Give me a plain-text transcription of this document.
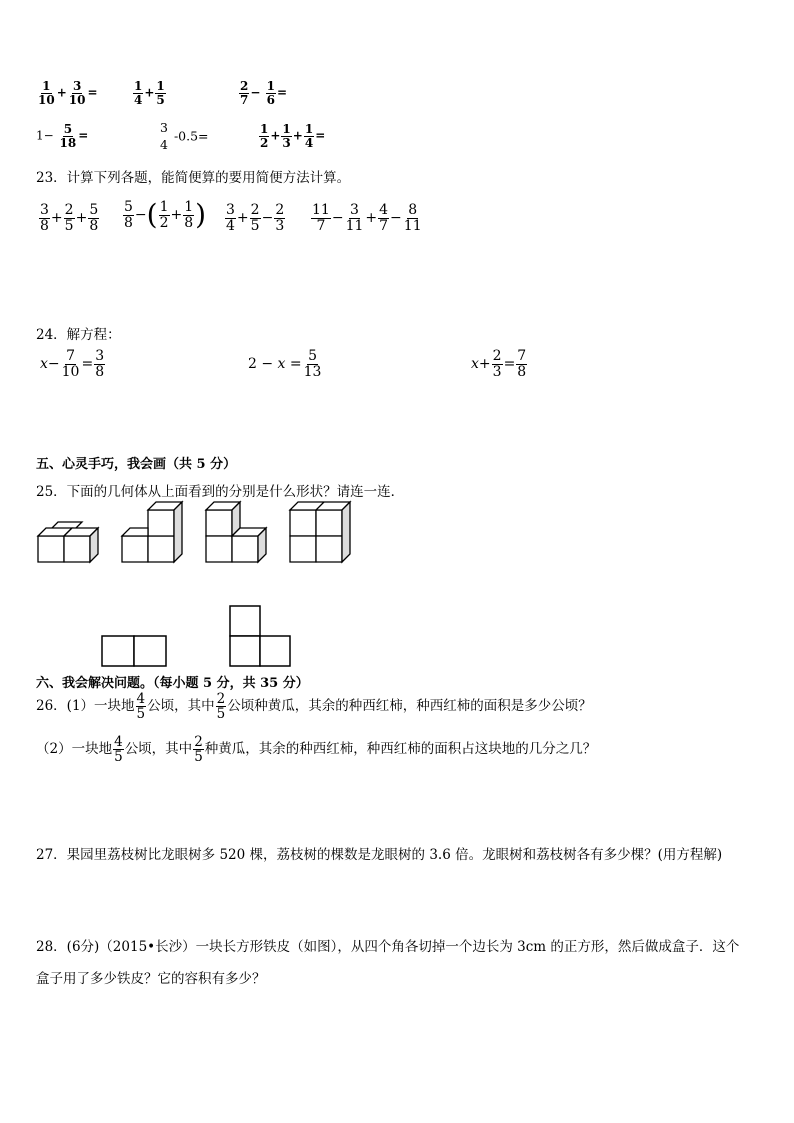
$\frac{1}{10} + \frac{3}{10}$ =	$\frac{1}{4} + \frac{1}{5}$	$\frac{2}{7} - \frac{1}{6}$ =
$1- \frac{5}{18}$ =
3
4
-0.5=	$\frac{1}{2} + \frac{1}{3} + \frac{1}{4}$ =
23．计算下列各题，能简便算的要用简便方法计算。
$\frac{3}{8} + \frac{2}{5} + \frac{5}{8} \frac{5}{8}$ −( $\frac{1}{2} + \frac{1}{8}$ ) $\frac{3}{4} + \frac{2}{5} - \frac{2}{3} \frac{11}{7} - \frac{3}{11} + \frac{4}{7} - \frac{8}{11}$
24．解方程：
$x- \frac{7}{10} = \frac{3}{8}$	$2 - x = \frac{5}{13}$	$x+ \frac{2}{3} = \frac{7}{8}$
五、心灵手巧，我会画（共 5 分）
25．下面的几何体从上面看到的分别是什么形状？请连一连．
六、我会解决问题。（每小题 5 分，共 35 分）
26．(1）一块地 $\frac{4}{5}$ 公顷，其中 $\frac{2}{5}$ 公顷种黄瓜，其余的种西红柿，种西红柿的面积是多少公顷？
（2）一块地 $\frac{4}{5}$ 公顷，其中 $\frac{2}{5}$ 种黄瓜，其余的种西红柿，种西红柿的面积占这块地的几分之几？
27．果园里荔枝树比龙眼树多 520 棵，荔枝树的棵数是龙眼树的 3.6 倍。龙眼树和荔枝树各有多少棵？(用方程解)
28．(6分)（2015•长沙）一块长方形铁皮（如图），从四个角各切掉一个边长为 3cm 的正方形，然后做成盒子．这个
盒子用了多少铁皮？它的容积有多少？
